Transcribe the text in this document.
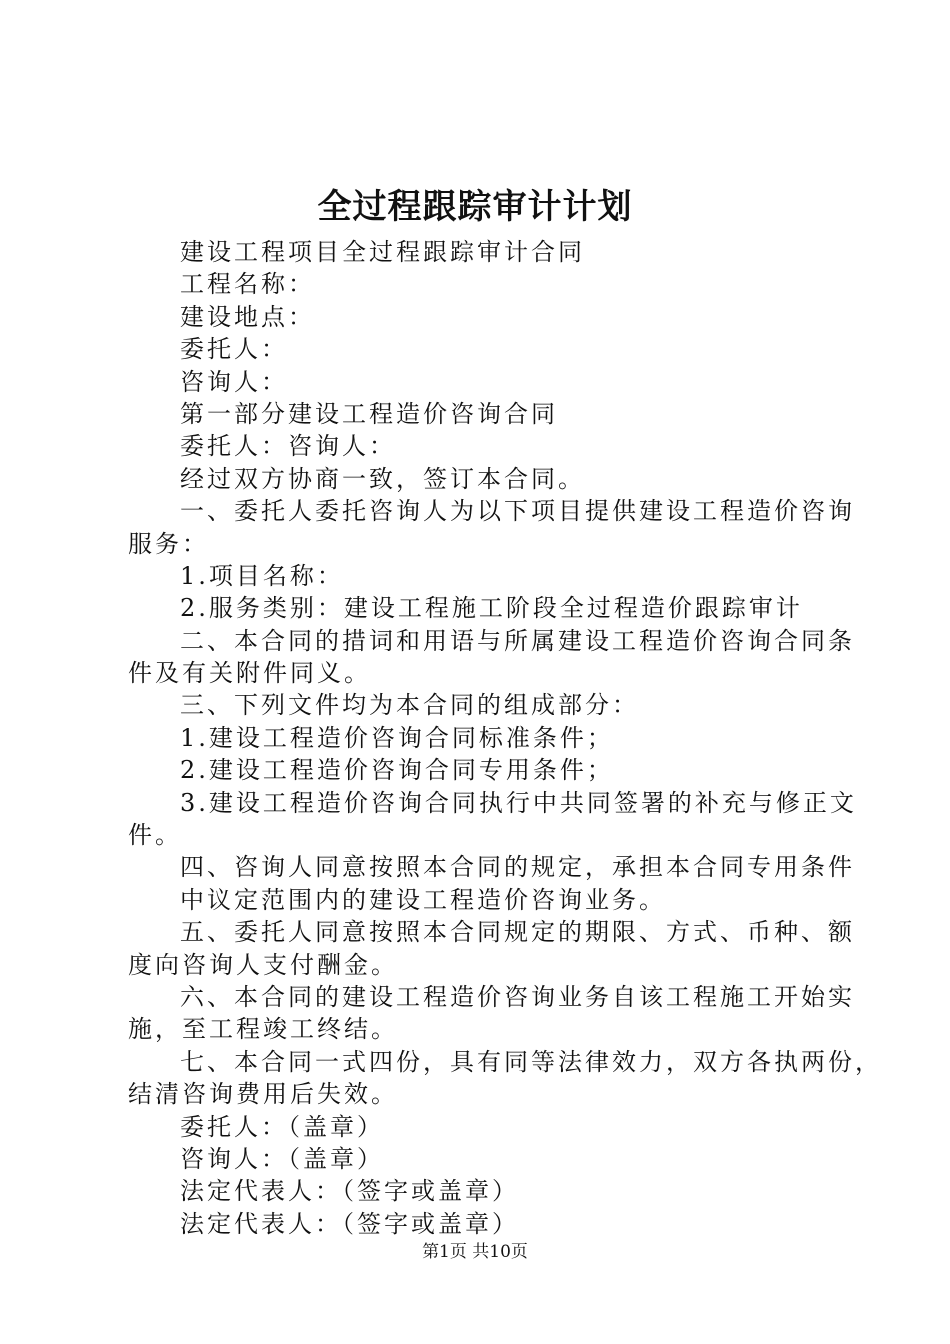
全过程跟踪审计计划
建设工程项目全过程跟踪审计合同
工程名称：
建设地点：
委托人：
咨询人：
第一部分建设工程造价咨询合同
委托人：咨询人：
经过双方协商一致，签订本合同。
一、委托人委托咨询人为以下项目提供建设工程造价咨询
服务：
1.项目名称：
2.服务类别：建设工程施工阶段全过程造价跟踪审计
二、本合同的措词和用语与所属建设工程造价咨询合同条
件及有关附件同义。
三、下列文件均为本合同的组成部分：
1.建设工程造价咨询合同标准条件；
2.建设工程造价咨询合同专用条件；
3.建设工程造价咨询合同执行中共同签署的补充与修正文
件。
四、咨询人同意按照本合同的规定，承担本合同专用条件
中议定范围内的建设工程造价咨询业务。
五、委托人同意按照本合同规定的期限、方式、币种、额
度向咨询人支付酬金。
六、本合同的建设工程造价咨询业务自该工程施工开始实
施，至工程竣工终结。
七、本合同一式四份，具有同等法律效力，双方各执两份，
结清咨询费用后失效。
委托人：（盖章）
咨询人：（盖章）
法定代表人：（签字或盖章）
法定代表人：（签字或盖章）
第1页 共10页
